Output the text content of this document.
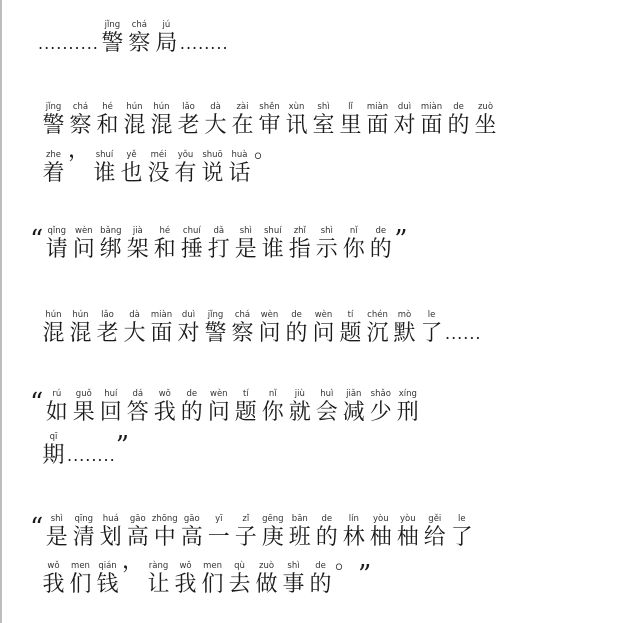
..........
jǐng
警
chá
察
jú
局 ........
jǐng
警
chá
察
hé
和
hún
混
hún
混
lǎo
老
dà
大
zài
在
shěn
审
xùn
讯
shì
室
lǐ
里
miàn
面
duì
对
miàn
面
de
的
zuò
坐
zhe
着
， shuí
谁
yě
也
méi
没
yǒu
有
shuō
说
huà
话
。
“ qǐng
请
wèn
问
bǎng
绑
jià
架
hé
和
chuí
捶
dǎ
打
shì
是
shuí
谁
zhǐ
指
shì
示
nǐ
你
de
的 ”
hún
混
hún
混
lǎo
老
dà
大
miàn
面
duì
对
jǐng
警
chá
察
wèn
问
de
的
wèn
问
tí
题
chén
沉
mò
默
le
了 ......
“ rú
如
guǒ
果
huí
回
dá
答
wǒ
我
de
的
wèn
问
tí
题
nǐ
你
jiù
就
huì
会
jiǎn
减
shǎo
少
xíng
刑
qī
期 ........ ”
“ shì
是
qīng
清
huá
划
gāo
高
zhōng
中
gāo
高
yī
一
zǐ
子
gēng
庚
bān
班
de
的
lín
林
yòu
柚
yòu
柚
gěi
给
le
了
wǒ
我
men
们
qián
钱
， ràng
让
wǒ
我
men
们
qù
去
zuò
做
shì
事
de
的
。 ”
